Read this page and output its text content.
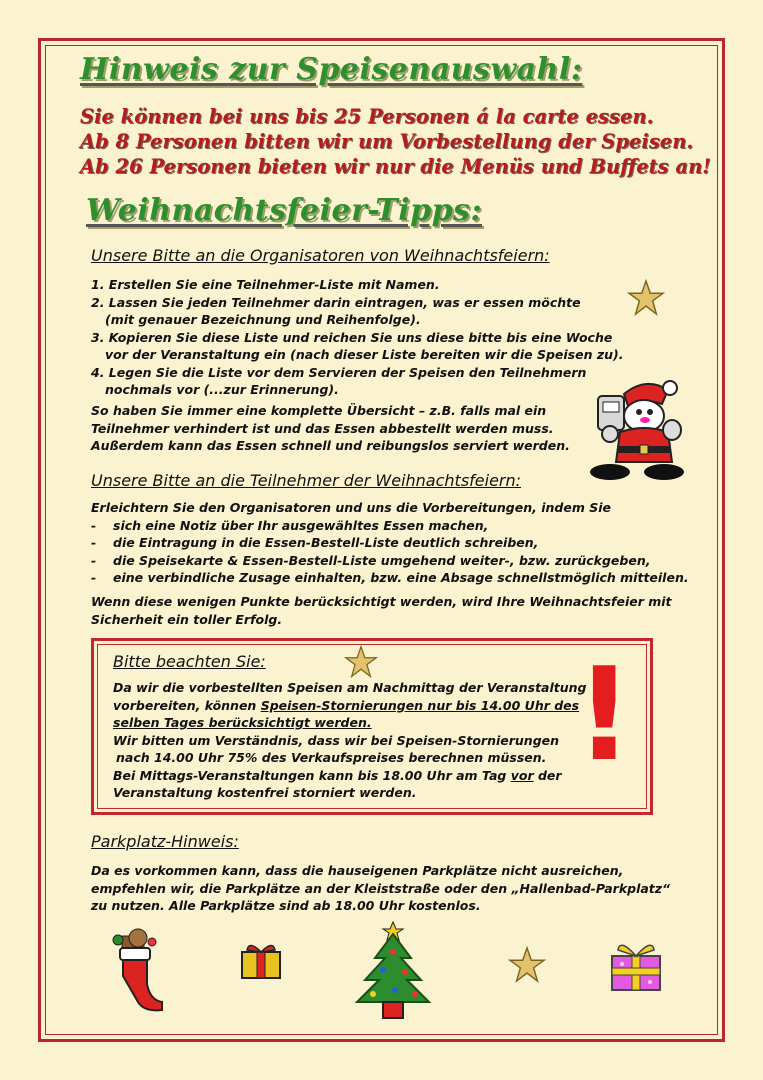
Hinweis zur Speisenauswahl:
Sie können bei uns bis 25 Personen á la carte essen.
Ab 8 Personen bitten wir um Vorbestellung der Speisen.
Ab 26 Personen bieten wir nur die Menüs und Buffets an!
Weihnachtsfeier-Tipps:
Unsere Bitte an die Organisatoren von Weihnachtsfeiern:
1. Erstellen Sie eine Teilnehmer-Liste mit Namen.
2. Lassen Sie jeden Teilnehmer darin eintragen, was er essen möchte
(mit genauer Bezeichnung und Reihenfolge).
3. Kopieren Sie diese Liste und reichen Sie uns diese bitte bis eine Woche
vor der Veranstaltung ein (nach dieser Liste bereiten wir die Speisen zu).
4. Legen Sie die Liste vor dem Servieren der Speisen den Teilnehmern
nochmals vor (...zur Erinnerung).
So haben Sie immer eine komplette Übersicht – z.B. falls mal ein
Teilnehmer verhindert ist und das Essen abbestellt werden muss.
Außerdem kann das Essen schnell und reibungslos serviert werden.
Unsere Bitte an die Teilnehmer der Weihnachtsfeiern:
Erleichtern Sie den Organisatoren und uns die Vorbereitungen, indem Sie
-	sich eine Notiz über Ihr ausgewähltes Essen machen,
-	die Eintragung in die Essen-Bestell-Liste deutlich schreiben,
-	die Speisekarte & Essen-Bestell-Liste umgehend weiter-, bzw. zurückgeben,
-	eine verbindliche Zusage einhalten, bzw. eine Absage schnellstmöglich mitteilen.
Wenn diese wenigen Punkte berücksichtigt werden, wird Ihre Weihnachtsfeier mit
Sicherheit ein toller Erfolg.
Bitte beachten Sie:
Da wir die vorbestellten Speisen am Nachmittag der Veranstaltung
vorbereiten, können Speisen-Stornierungen nur bis 14.00 Uhr des
selben Tages berücksichtigt werden.
Wir bitten um Verständnis, dass wir bei Speisen-Stornierungen
nach 14.00 Uhr 75% des Verkaufspreises berechnen müssen.
Bei Mittags-Veranstaltungen kann bis 18.00 Uhr am Tag vor der
Veranstaltung kostenfrei storniert werden.
!
Parkplatz-Hinweis:
Da es vorkommen kann, dass die hauseigenen Parkplätze nicht ausreichen,
empfehlen wir, die Parkplätze an der Kleiststraße oder den „Hallenbad-Parkplatz“
zu nutzen. Alle Parkplätze sind ab 18.00 Uhr kostenlos.
